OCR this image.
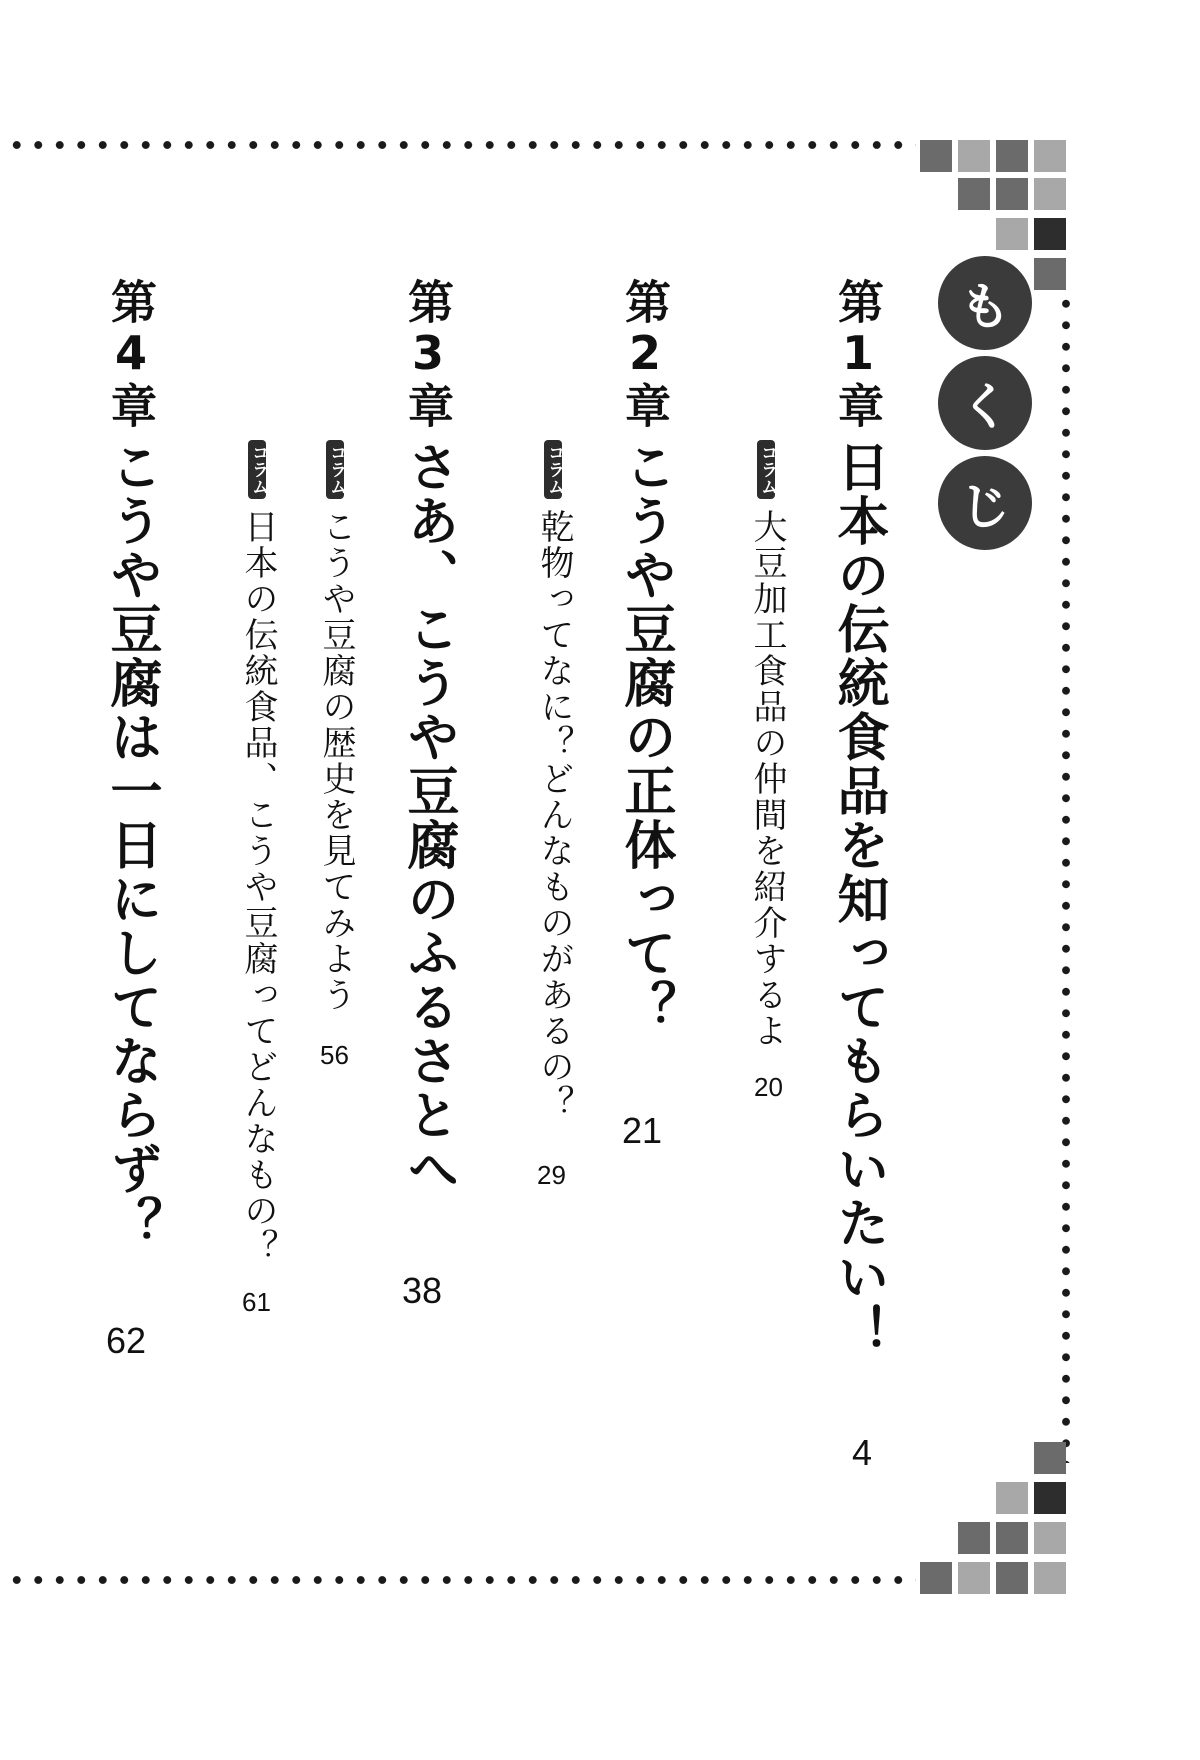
も
く
じ
第1章
日本の伝統食品を知ってもらいたい！
4
コラム大豆加工食品の仲間を紹介するよ
20
第2章
こうや豆腐の正体って？
21
コラム乾物ってなに？どんなものがあるの？
29
第3章
さあ、こうや豆腐のふるさとへ
38
コラムこうや豆腐の歴史を見てみよう
56
コラム日本の伝統食品、こうや豆腐ってどんなもの？
61
第4章
こうや豆腐は一日にしてならず？
62
